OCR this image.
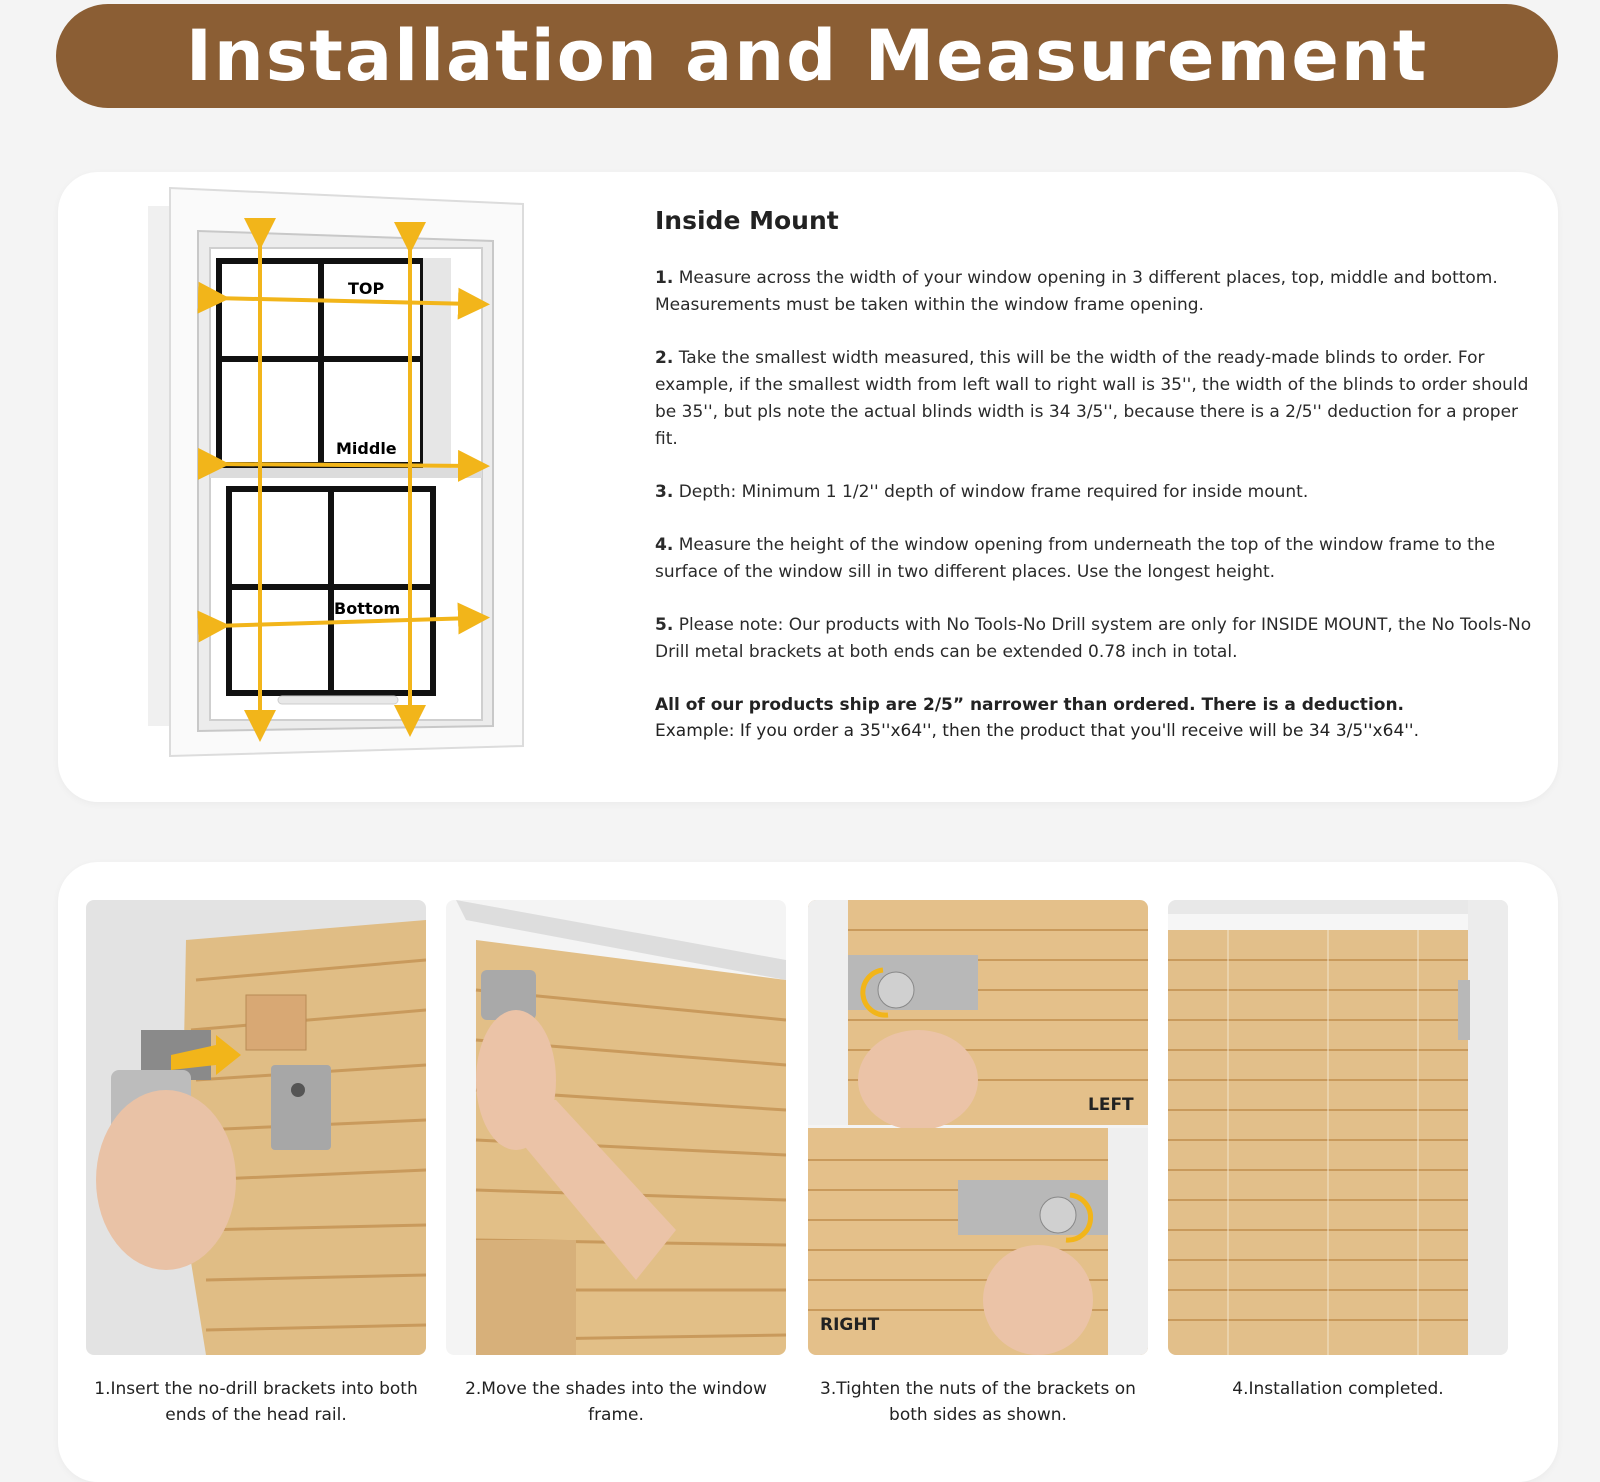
Installation and Measurement
TOP
Middle
Bottom
Inside Mount

1. Measure across the width of your window opening in 3 different places, top, middle and bottom. Measurements must be taken within the window frame opening.

2. Take the smallest width measured, this will be the width of the ready-made blinds to order. For example, if the smallest width from left wall to right wall is 35'', the width of the blinds to order should be 35'', but pls note the actual blinds width is 34 3/5'', because there is a 2/5'' deduction for a proper fit.

3. Depth: Minimum 1 1/2'' depth of window frame required for inside mount.

4. Measure the height of the window opening from underneath the top of the window frame to the surface of the window sill in two different places. Use the longest height.

5. Please note: Our products with No Tools-No Drill system are only for INSIDE MOUNT, the No Tools-No Drill metal brackets at both ends can be extended 0.78 inch in total.

All of our products ship are 2/5” narrower than ordered. There is a deduction.

Example: If you order a 35''x64'', then the product that you'll receive will be 34 3/5''x64''.

1.Insert the no-drill brackets into both ends of the head rail.
2.Move the shades into the window frame.
LEFT
RIGHT
3.Tighten the nuts of the brackets on both sides as shown.
4.Installation completed.
